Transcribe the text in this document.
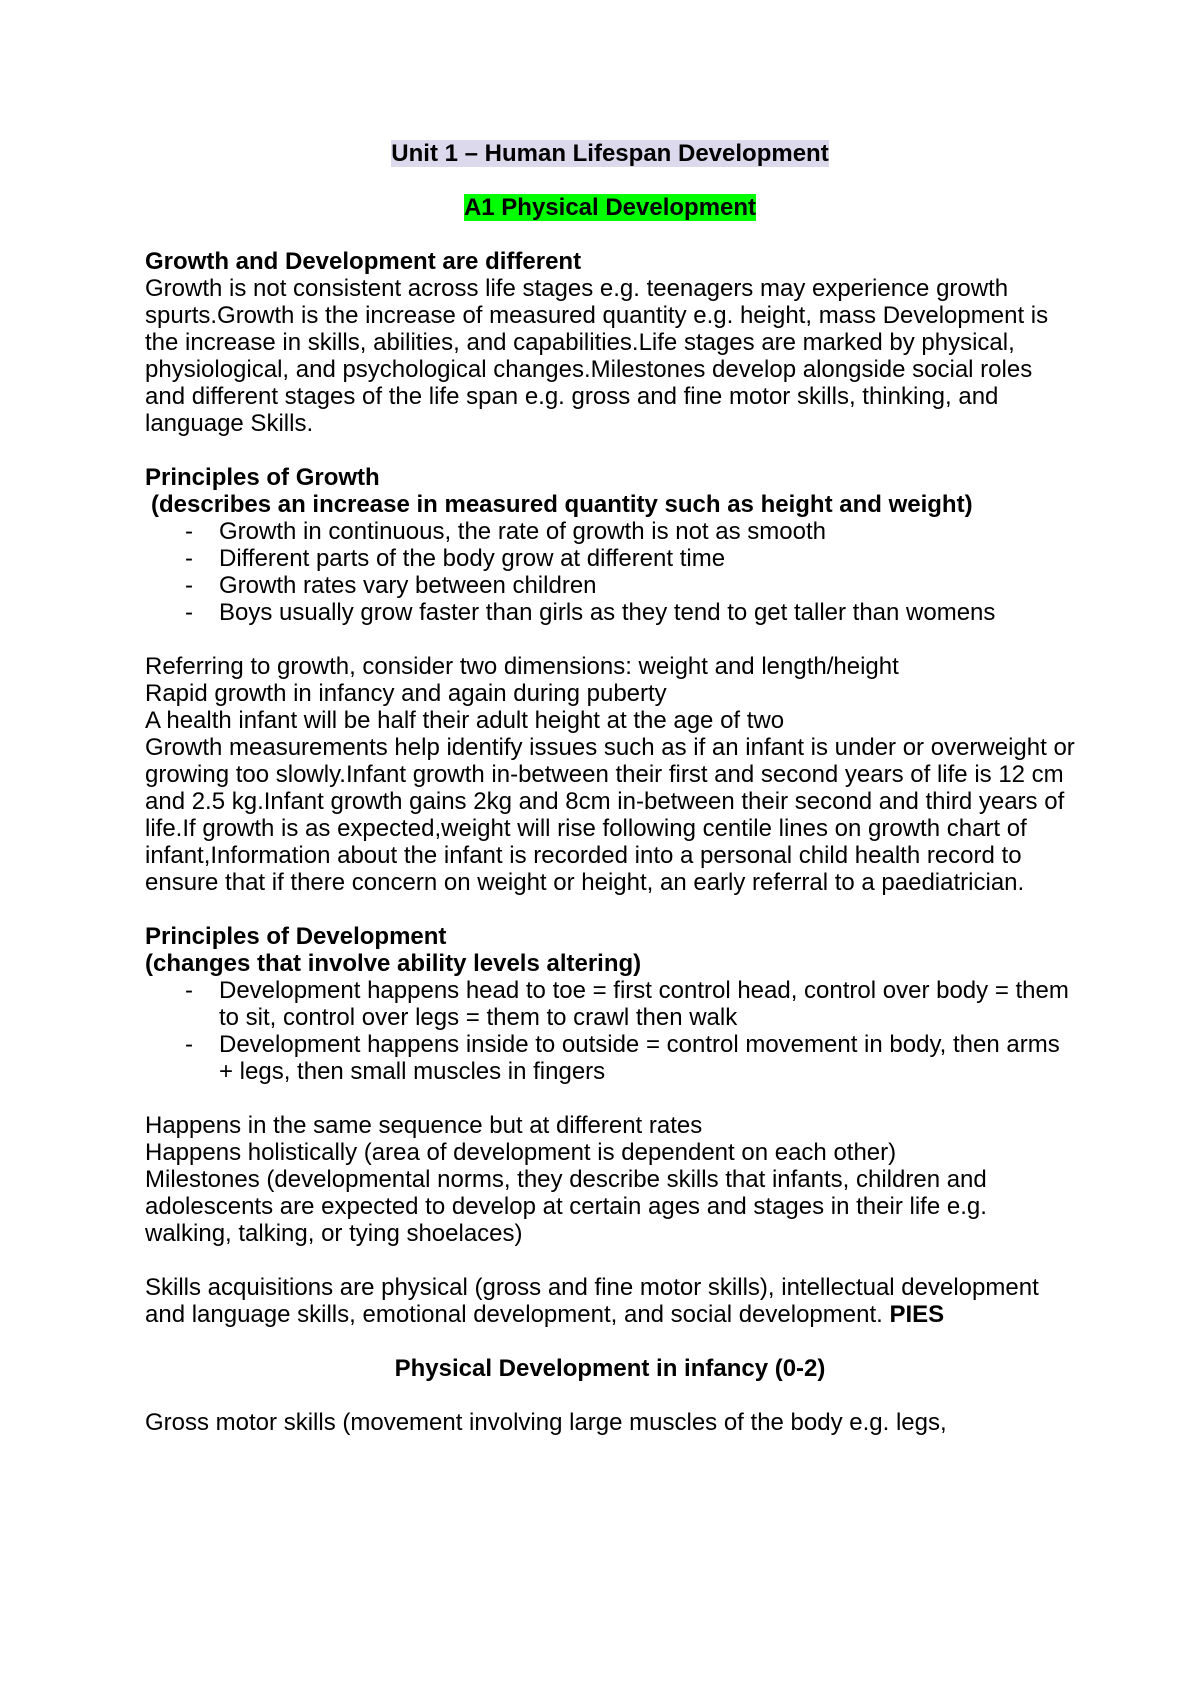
Unit 1 – Human Lifespan Development

A1 Physical Development

Growth and Development are different

Growth is not consistent across life stages e.g. teenagers may experience growth spurts.Growth is the increase of measured quantity e.g. height, mass Development is the increase in skills, abilities, and capabilities.Life stages are marked by physical, physiological, and psychological changes.Milestones develop alongside social roles and different stages of the life span e.g. gross and fine motor skills, thinking, and language Skills.

Principles of Growth

(describes an increase in measured quantity such as height and weight)

- Growth in continuous, the rate of growth is not as smooth
- Different parts of the body grow at different time
- Growth rates vary between children
- Boys usually grow faster than girls as they tend to get taller than womens

Referring to growth, consider two dimensions: weight and length/height

Rapid growth in infancy and again during puberty

A health infant will be half their adult height at the age of two

Growth measurements help identify issues such as if an infant is under or overweight or growing too slowly.Infant growth in-between their first and second years of life is 12 cm and 2.5 kg.Infant growth gains 2kg and 8cm in-between their second and third years of life.If growth is as expected,weight will rise following centile lines on growth chart of infant,Information about the infant is recorded into a personal child health record to ensure that if there concern on weight or height, an early referral to a paediatrician.

Principles of Development

(changes that involve ability levels altering)

- Development happens head to toe = first control head, control over body = them to sit, control over legs = them to crawl then walk
- Development happens inside to outside = control movement in body, then arms + legs, then small muscles in fingers

Happens in the same sequence but at different rates

Happens holistically (area of development is dependent on each other)

Milestones (developmental norms, they describe skills that infants, children and adolescents are expected to develop at certain ages and stages in their life e.g. walking, talking, or tying shoelaces)

Skills acquisitions are physical (gross and fine motor skills), intellectual development and language skills, emotional development, and social development. PIES

Physical Development in infancy (0-2)

Gross motor skills (movement involving large muscles of the body e.g. legs,
